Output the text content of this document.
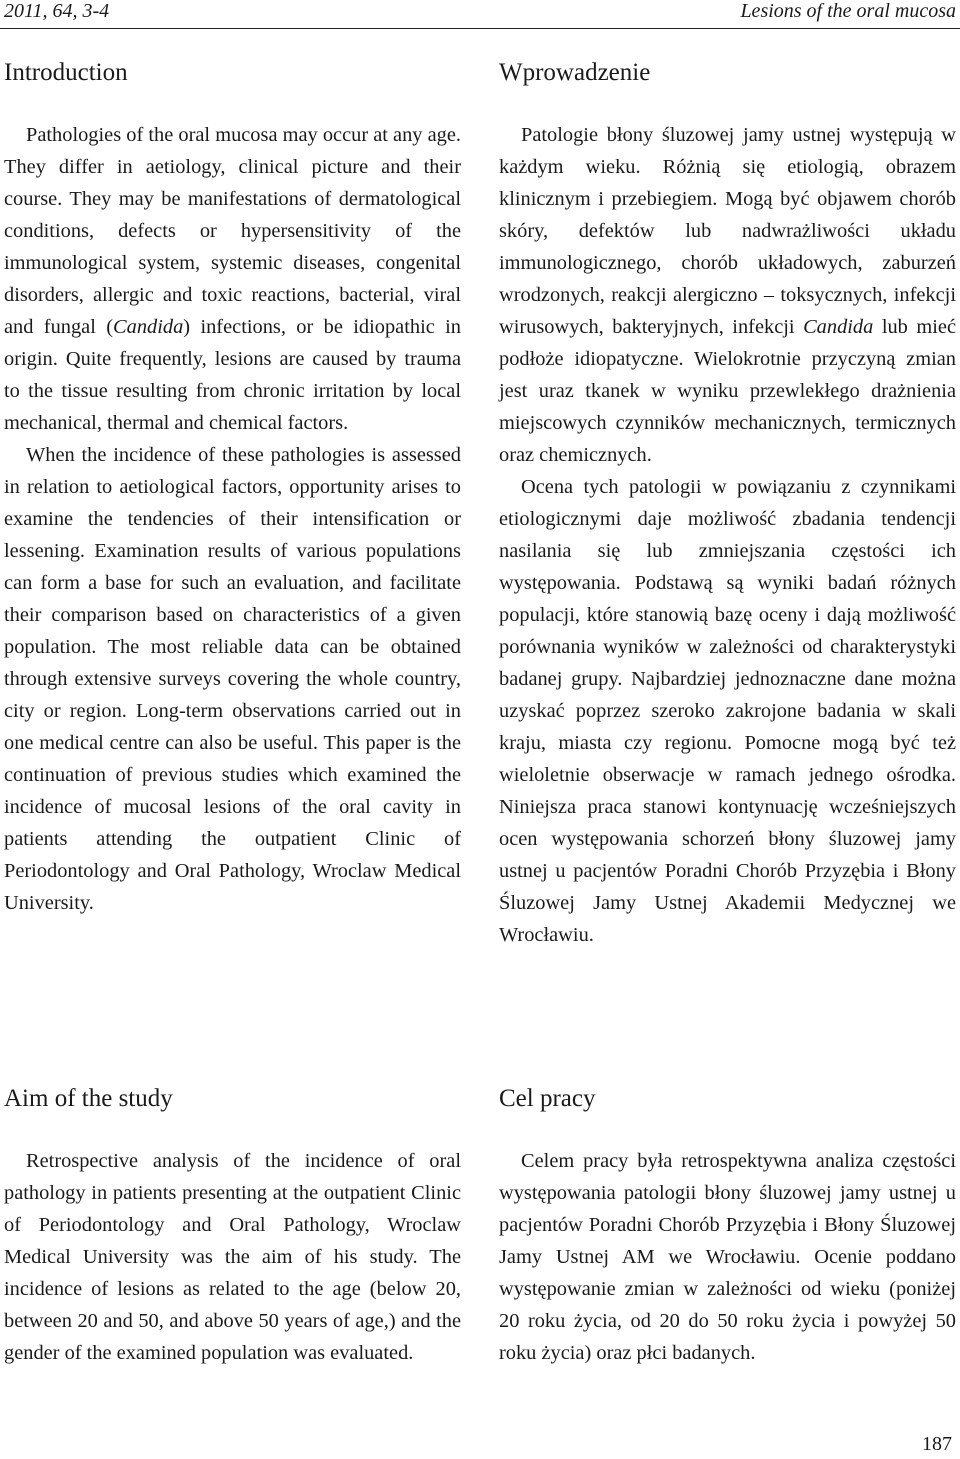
2011, 64, 3-4	Lesions of the oral mucosa
Introduction

Pathologies of the oral mucosa may occur at any age. They differ in aetiology, clinical picture and their course. They may be manifestations of dermatological conditions, defects or hypersensitivity of the immunological system, systemic diseases, congenital disorders, allergic and toxic reactions, bacterial, viral and fungal (Candida) infections, or be idiopathic in origin. Quite frequently, lesions are caused by trauma to the tissue resulting from chronic irritation by local mechanical, thermal and chemical factors.

When the incidence of these pathologies is assessed in relation to aetiological factors, opportunity arises to examine the tendencies of their intensification or lessening. Examination results of various populations can form a base for such an evaluation, and facilitate their comparison based on characteristics of a given population. The most reliable data can be obtained through extensive surveys covering the whole country, city or region. Long-term observations carried out in one medical centre can also be useful. This paper is the continuation of previous studies which examined the incidence of mucosal lesions of the oral cavity in patients attending the outpatient Clinic of Periodontology and Oral Pathology, Wroclaw Medical University.

Aim of the study

Retrospective analysis of the incidence of oral pathology in patients presenting at the outpatient Clinic of Periodontology and Oral Pathology, Wroclaw Medical University was the aim of his study. The incidence of lesions as related to the age (below 20, between 20 and 50, and above 50 years of age,) and the gender of the examined population was evaluated.

Wprowadzenie

Patologie błony śluzowej jamy ustnej występują w każdym wieku. Różnią się etiologią, obrazem klinicznym i przebiegiem. Mogą być objawem chorób skóry, defektów lub nadwrażliwości układu immunologicznego, chorób układowych, zaburzeń wrodzonych, reakcji alergiczno – toksycznych, infekcji wirusowych, bakteryjnych, infekcji Candida lub mieć podłoże idiopatyczne. Wielokrotnie przyczyną zmian jest uraz tkanek w wyniku przewlekłego drażnienia miejscowych czynników mechanicznych, termicznych oraz chemicznych.

Ocena tych patologii w powiązaniu z czynnikami etiologicznymi daje możliwość zbadania tendencji nasilania się lub zmniejszania częstości ich występowania. Podstawą są wyniki badań różnych populacji, które stanowią bazę oceny i dają możliwość porównania wyników w zależności od charakterystyki badanej grupy. Najbardziej jednoznaczne dane można uzyskać poprzez szeroko zakrojone badania w skali kraju, miasta czy regionu. Pomocne mogą być też wieloletnie obserwacje w ramach jednego ośrodka. Niniejsza praca stanowi kontynuację wcześniejszych ocen występowania schorzeń błony śluzowej jamy ustnej u pacjentów Poradni Chorób Przyzębia i Błony Śluzowej Jamy Ustnej Akademii Medycznej we Wrocławiu.

Cel pracy

Celem pracy była retrospektywna analiza częstości występowania patologii błony śluzowej jamy ustnej u pacjentów Poradni Chorób Przyzębia i Błony Śluzowej Jamy Ustnej AM we Wrocławiu. Ocenie poddano występowanie zmian w zależności od wieku (poniżej 20 roku życia, od 20 do 50 roku życia i powyżej 50 roku życia) oraz płci badanych.

187
